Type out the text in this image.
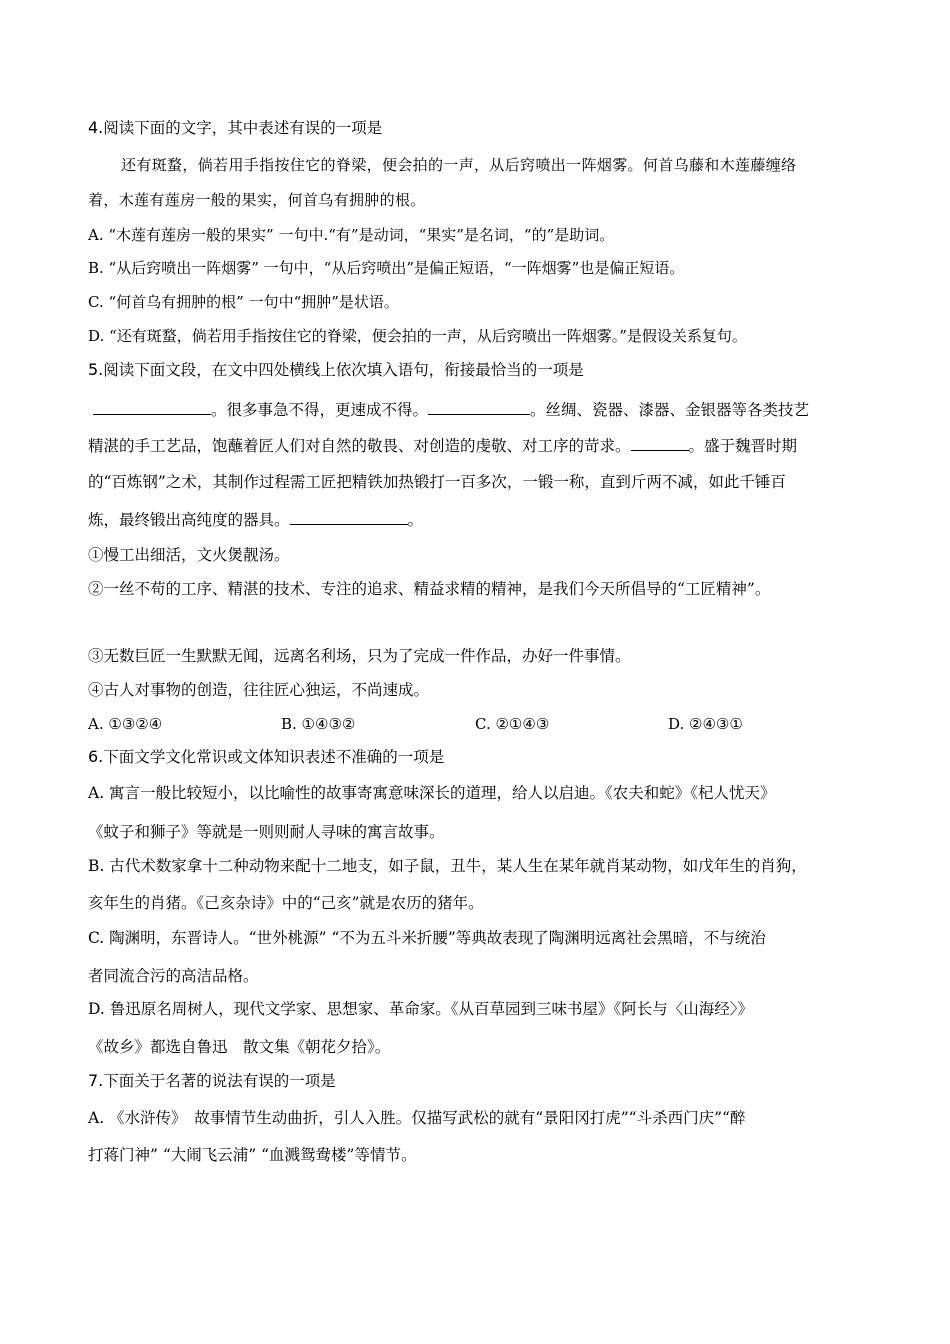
4.阅读下面的文字，其中表述有误的一项是
还有斑蝥，倘若用手指按住它的脊梁，便会拍的一声，从后窍喷出一阵烟雾。何首乌藤和木莲藤缠络
着，木莲有莲房一般的果实，何首乌有拥肿的根。
A. “木莲有莲房一般的果实” 一句中.“有”是动词，“果实”是名词，“的”是助词。
B. “从后窍喷出一阵烟雾” 一句中，“从后窍喷出”是偏正短语，“一阵烟雾”也是偏正短语。
C. “何首乌有拥肿的根” 一句中“拥肿”是状语。
D. “还有斑蝥，倘若用手指按住它的脊梁，便会拍的一声，从后窍喷出一阵烟雾。”是假设关系复句。
5.阅读下面文段，在文中四处横线上依次填入语句，衔接最恰当的一项是
。很多事急不得，更速成不得。	。丝绸、瓷器、漆器、金银器等各类技艺
精湛的手工艺品，饱蘸着匠人们对自然的敬畏、对创造的虔敬、对工序的苛求。	。盛于魏晋时期
的“百炼钢”之术，其制作过程需工匠把精铁加热锻打一百多次，一锻一称，直到斤两不减，如此千锤百
炼，最终锻出高纯度的器具。	。
①慢工出细活，文火煲靓汤。
②一丝不苟的工序、精湛的技术、专注的追求、精益求精的精神，是我们今天所倡导的“工匠精神”。
③无数巨匠一生默默无闻，远离名利场，只为了完成一件作品，办好一件事情。
④古人对事物的创造，往往匠心独运，不尚速成。
A. ①③②④	B. ①④③②	C. ②①④③	D. ②④③①
6.下面文学文化常识或文体知识表述不准确的一项是
A. 寓言一般比较短小，以比喻性的故事寄寓意味深长的道理，给人以启迪。《农夫和蛇》《杞人忧天》
《蚊子和狮子》等就是一则则耐人寻味的寓言故事。
B. 古代术数家拿十二种动物来配十二地支，如子鼠，丑牛，某人生在某年就肖某动物，如戊年生的肖狗，
亥年生的肖猪。《己亥杂诗》中的“己亥”就是农历的猪年。
C. 陶渊明，东晋诗人。“世外桃源” “不为五斗米折腰”等典故表现了陶渊明远离社会黑暗，不与统治
者同流合污的高洁品格。
D. 鲁迅原名周树人，现代文学家、思想家、革命家。《从百草园到三味书屋》《阿长与〈山海经〉》
《故乡》都选自鲁迅　散文集《朝花夕拾》。
7.下面关于名著的说法有误的一项是
A. 《水浒传》　故事情节生动曲折，引人入胜。仅描写武松的就有“景阳冈打虎”“斗杀西门庆”“醉
打蒋门神” “大闹飞云浦” “血溅鸳鸯楼”等情节。
